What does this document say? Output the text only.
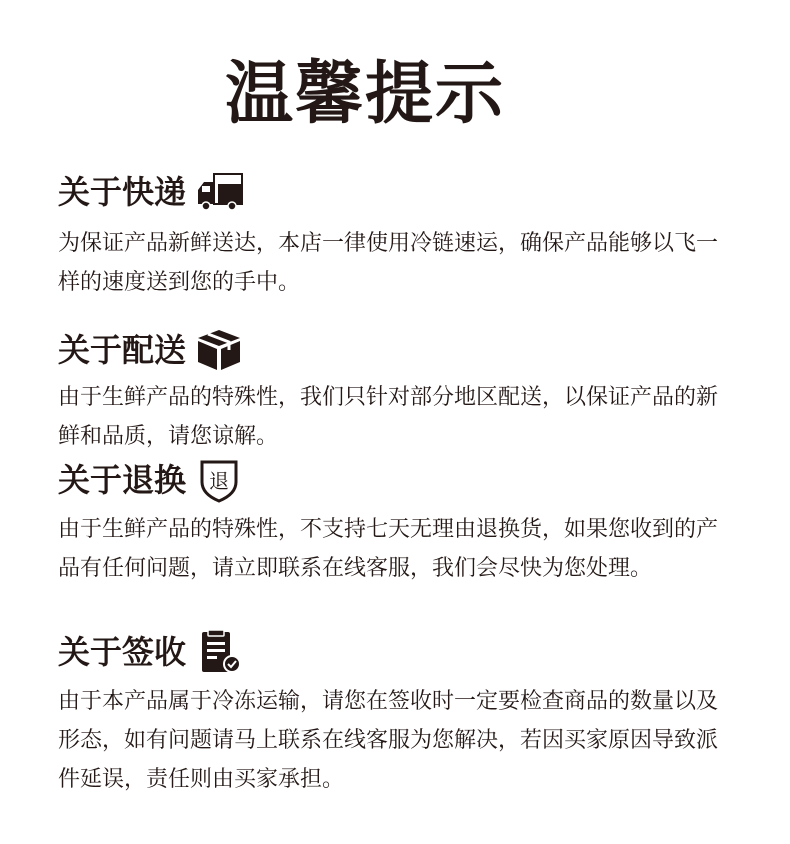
温馨提示
关于快递
为保证产品新鲜送达，本店一律使用冷链速运，确保产品能够以飞一样的速度送到您的手中。
关于配送
由于生鲜产品的特殊性，我们只针对部分地区配送，以保证产品的新鲜和品质，请您谅解。
关于退换 退
由于生鲜产品的特殊性，不支持七天无理由退换货，如果您收到的产品有任何问题，请立即联系在线客服，我们会尽快为您处理。
关于签收
由于本产品属于冷冻运输，请您在签收时一定要检查商品的数量以及形态，如有问题请马上联系在线客服为您解决，若因买家原因导致派件延误，责任则由买家承担。
